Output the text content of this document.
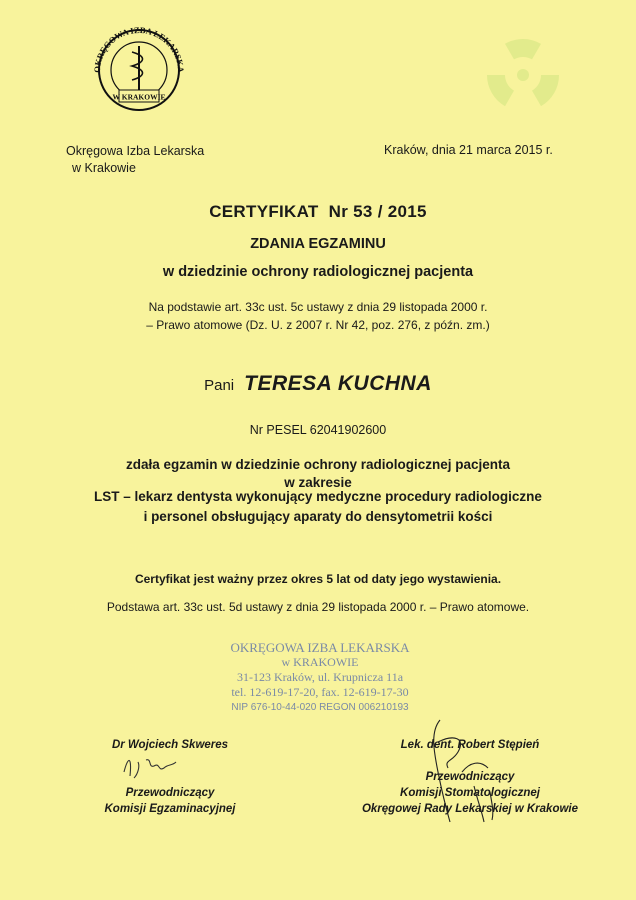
OKRĘGOWA IZBA LEKARSKA
W KRAKOWIE
Okręgowa Izba Lekarska
w Krakowie
Kraków, dnia 21 marca 2015 r.
CERTYFIKAT  Nr 53 / 2015
ZDANIA EGZAMINU
w dziedzinie ochrony radiologicznej pacjenta
Na podstawie art. 33c ust. 5c ustawy z dnia 29 listopada 2000 r.
– Prawo atomowe (Dz. U. z 2007 r. Nr 42, poz. 276, z późn. zm.)
Pani TERESA KUCHNA
Nr PESEL 62041902600
zdała egzamin w dziedzinie ochrony radiologicznej pacjenta
w zakresie
LST – lekarz dentysta wykonujący medyczne procedury radiologiczne
i personel obsługujący aparaty do densytometrii kości
Certyfikat jest ważny przez okres 5 lat od daty jego wystawienia.
Podstawa art. 33c ust. 5d ustawy z dnia 29 listopada 2000 r. – Prawo atomowe.
OKRĘGOWA IZBA LEKARSKA
w KRAKOWIE
31-123 Kraków, ul. Krupnicza 11a
tel. 12-619-17-20, fax. 12-619-17-30
NIP 676-10-44-020 REGON 006210193
Dr Wojciech Skweres
Przewodniczący
Komisji Egzaminacyjnej
Lek. dent. Robert Stępień
Przewodniczący
Komisji Stomatologicznej
Okręgowej Rady Lekarskiej w Krakowie
